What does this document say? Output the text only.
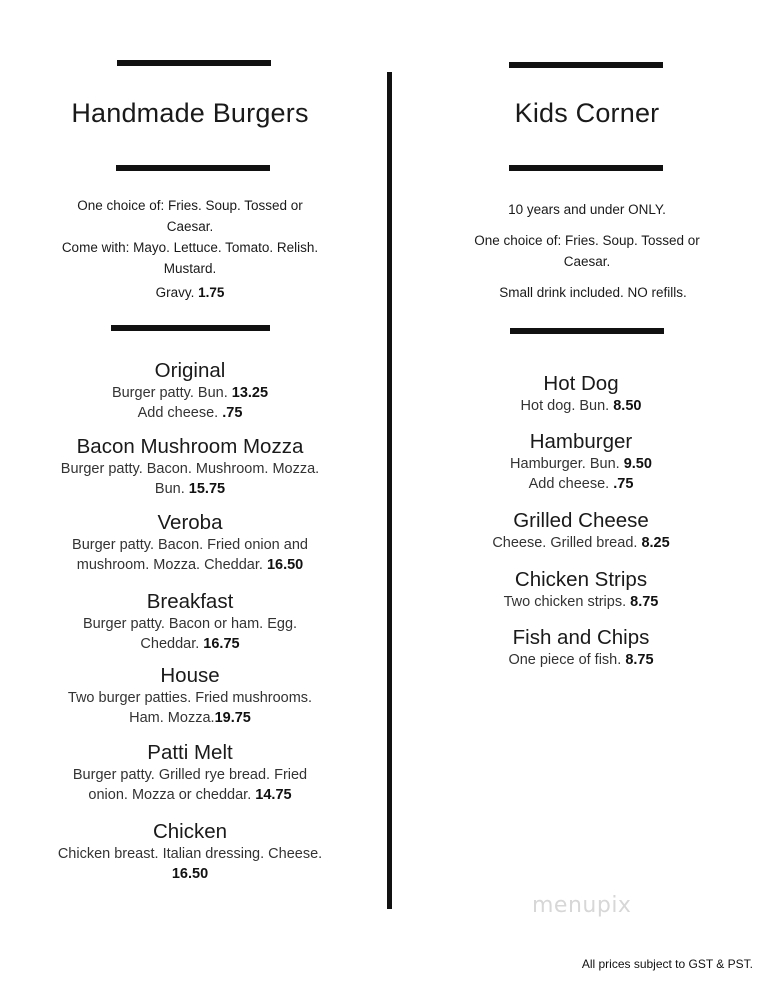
Handmade Burgers

One choice of: Fries. Soup. Tossed or Caesar.

Come with: Mayo. Lettuce. Tomato. Relish. Mustard.

Gravy. 1.75

Original

Burger patty. Bun. 13.25

Add cheese. .75

Bacon Mushroom Mozza

Burger patty. Bacon. Mushroom. Mozza. Bun. 15.75

Veroba

Burger patty. Bacon. Fried onion and mushroom. Mozza. Cheddar. 16.50

Breakfast

Burger patty. Bacon or ham. Egg. Cheddar. 16.75

House

Two burger patties. Fried mushrooms. Ham. Mozza.19.75

Patti Melt

Burger patty. Grilled rye bread. Fried onion. Mozza or cheddar. 14.75

Chicken

Chicken breast. Italian dressing. Cheese.

16.50

Kids Corner

10 years and under ONLY.

One choice of: Fries. Soup. Tossed or Caesar.

Small drink included. NO refills.

Hot Dog

Hot dog. Bun. 8.50

Hamburger

Hamburger. Bun. 9.50

Add cheese. .75

Grilled Cheese

Cheese. Grilled bread. 8.25

Chicken Strips

Two chicken strips. 8.75

Fish and Chips

One piece of fish. 8.75

menupix
All prices subject to GST & PST.
